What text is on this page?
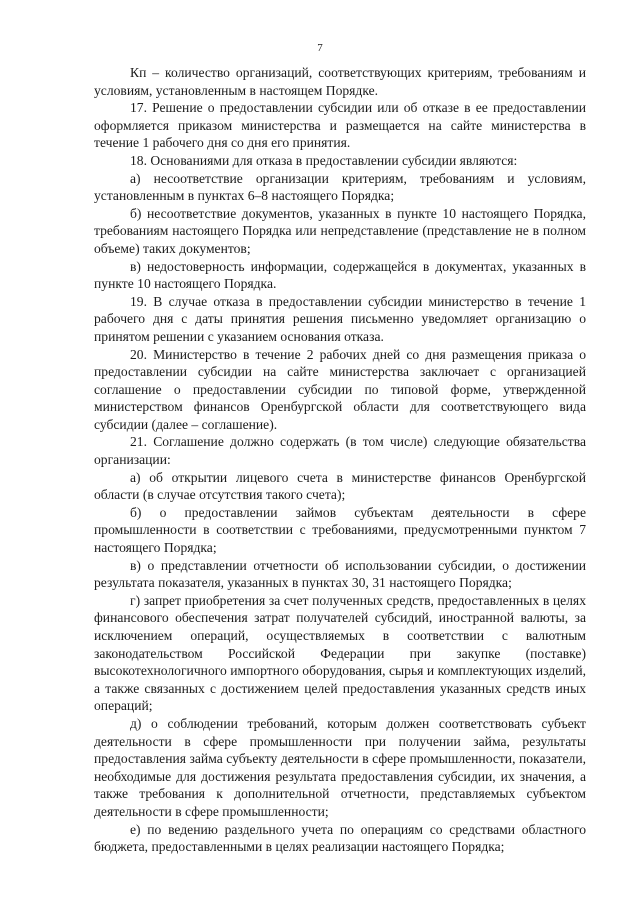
7

Кп – количество организаций, соответствующих критериям, требованиям и условиям, установленным в настоящем Порядке.

17. Решение о предоставлении субсидии или об отказе в ее предоставлении оформляется приказом министерства и размещается на сайте министерства в течение 1 рабочего дня со дня его принятия.

18. Основаниями для отказа в предоставлении субсидии являются:

а) несоответствие организации критериям, требованиям и условиям, установленным в пунктах 6–8 настоящего Порядка;

б) несоответствие документов, указанных в пункте 10 настоящего Порядка, требованиям настоящего Порядка или непредставление (представление не в полном объеме) таких документов;

в) недостоверность информации, содержащейся в документах, указанных в пункте 10 настоящего Порядка.

19. В случае отказа в предоставлении субсидии министерство в течение 1 рабочего дня с даты принятия решения письменно уведомляет организацию о принятом решении с указанием основания отказа.

20. Министерство в течение 2 рабочих дней со дня размещения приказа о предоставлении субсидии на сайте министерства заключает с организацией соглашение о предоставлении субсидии по типовой форме, утвержденной министерством финансов Оренбургской области для соответствующего вида субсидии (далее – соглашение).

21. Соглашение должно содержать (в том числе) следующие обязательства организации:

а) об открытии лицевого счета в министерстве финансов Оренбургской области (в случае отсутствия такого счета);

б) о предоставлении займов субъектам деятельности в сфере промышленности в соответствии с требованиями, предусмотренными пунктом 7 настоящего Порядка;

в) о представлении отчетности об использовании субсидии, о достижении результата показателя, указанных в пунктах 30, 31 настоящего Порядка;

г) запрет приобретения за счет полученных средств, предоставленных в целях финансового обеспечения затрат получателей субсидий, иностранной валюты, за исключением операций, осуществляемых в соответствии с валютным законодательством Российской Федерации при закупке (поставке) высокотехнологичного импортного оборудования, сырья и комплектующих изделий, а также связанных с достижением целей предоставления указанных средств иных операций;

д) о соблюдении требований, которым должен соответствовать субъект деятельности в сфере промышленности при получении займа, результаты предоставления займа субъекту деятельности в сфере промышленности, показатели, необходимые для достижения результата предоставления субсидии, их значения, а также требования к дополнительной отчетности, представляемых субъектом деятельности в сфере промышленности;

е) по ведению раздельного учета по операциям со средствами областного бюджета, предоставленными в целях реализации настоящего Порядка;
